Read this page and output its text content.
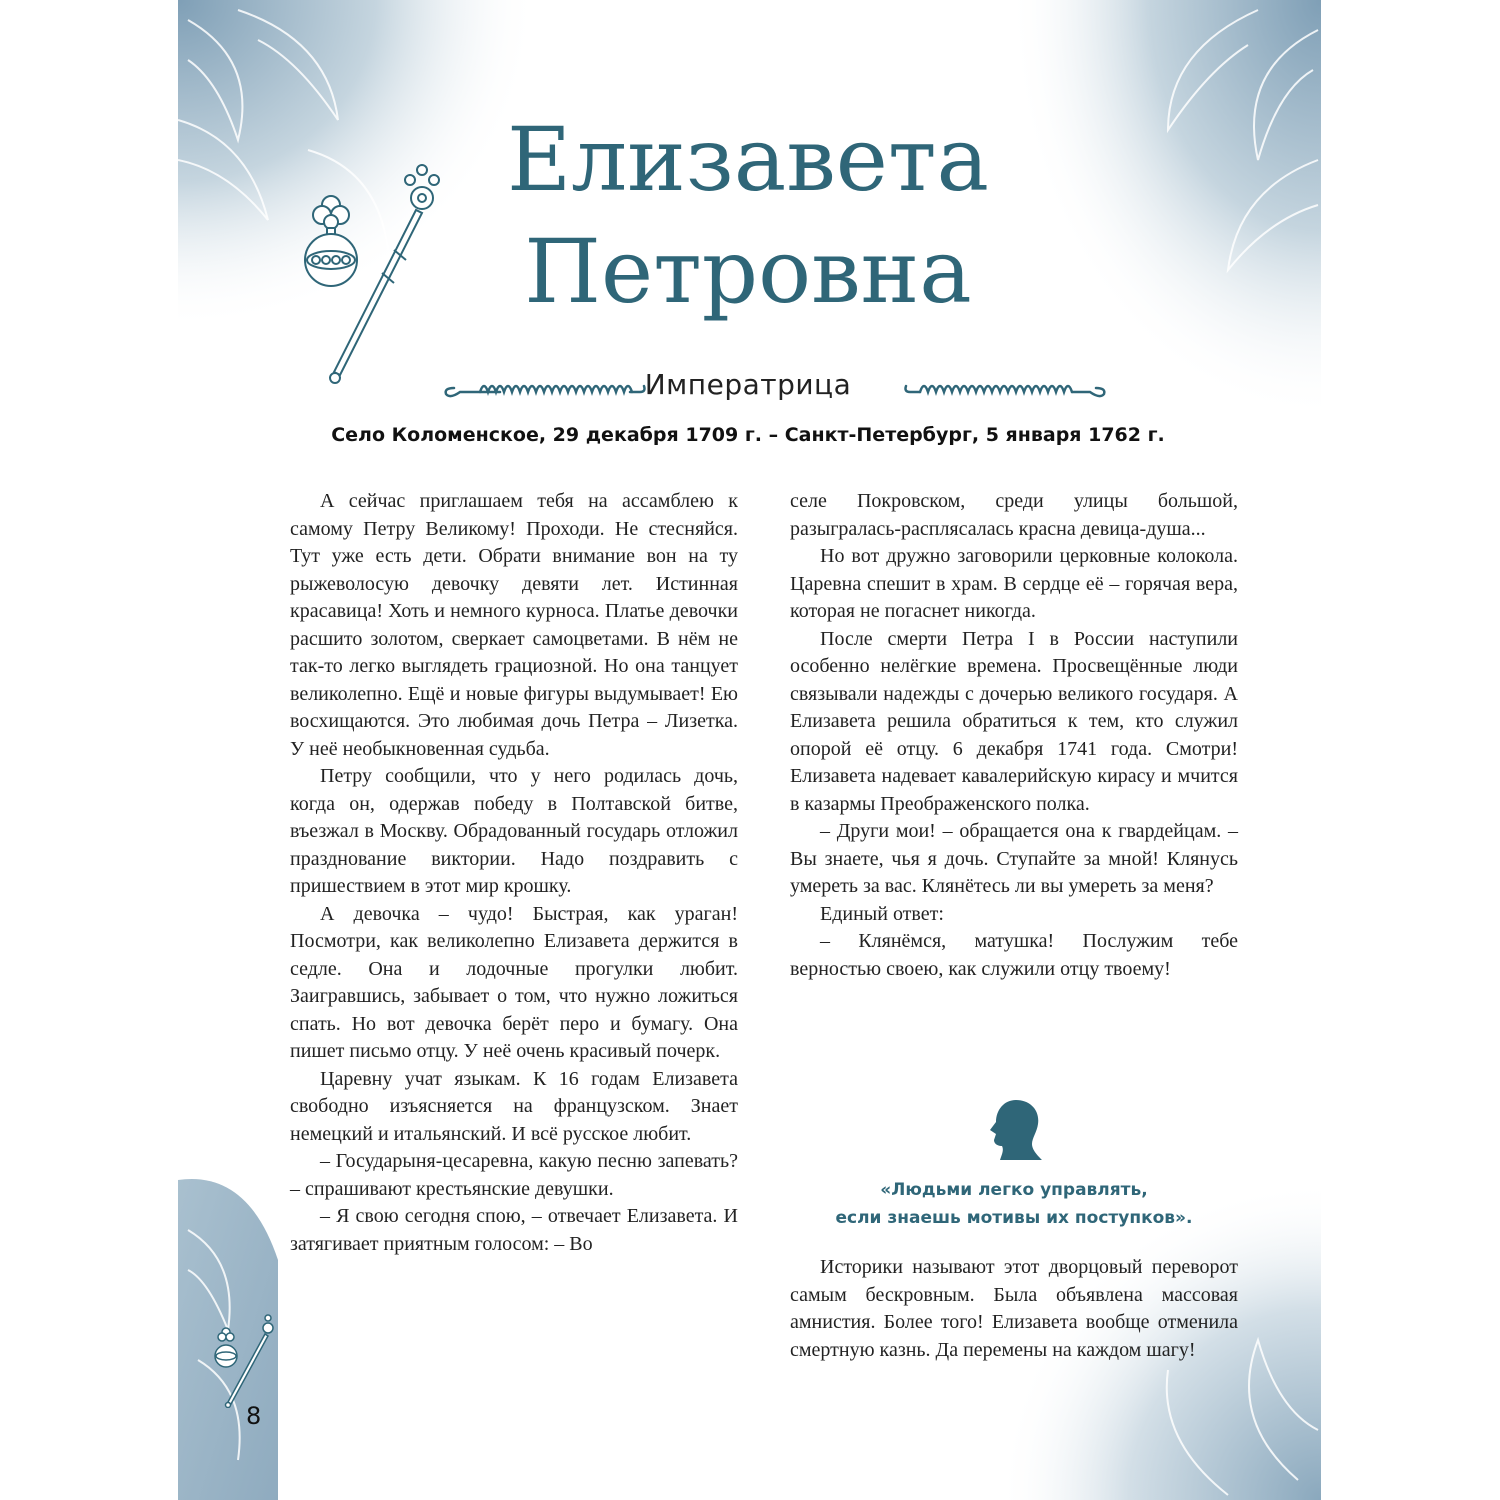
Елизавета
Петровна
Императрица
Село Коломенское, 29 декабря 1709 г. – Санкт-Петербург, 5 января 1762 г.

А сейчас приглашаем тебя на ассамблею к самому Петру Великому! Проходи. Не стесняйся. Тут уже есть дети. Обрати внимание вон на ту рыжеволосую девочку девяти лет. Истинная красавица! Хоть и немного курноса. Платье девочки расшито золотом, сверкает самоцветами. В нём не так-то легко выглядеть грациозной. Но она танцует великолепно. Ещё и новые фигуры выдумывает! Ею восхищаются. Это любимая дочь Петра – Лизетка. У неё необыкновенная судьба.

Петру сообщили, что у него родилась дочь, когда он, одержав победу в Полтавской битве, въезжал в Москву. Обрадованный государь отложил празднование виктории. Надо поздравить с пришествием в этот мир крошку.

А девочка – чудо! Быстрая, как ураган! Посмотри, как великолепно Елизавета держится в седле. Она и лодочные прогулки любит. Заигравшись, забывает о том, что нужно ложиться спать. Но вот девочка берёт перо и бумагу. Она пишет письмо отцу. У неё очень красивый почерк.

Царевну учат языкам. К 16 годам Елизавета свободно изъясняется на французском. Знает немецкий и итальянский. И всё русское любит.

– Государыня-цесаревна, какую песню запевать? – спрашивают крестьянские девушки.

– Я свою сегодня спою, – отвечает Елизавета. И затягивает приятным голосом: – Во

селе Покровском, среди улицы большой, разыгралась-расплясалась красна девица-душа...

Но вот дружно заговорили церковные колокола. Царевна спешит в храм. В сердце её – горячая вера, которая не погаснет никогда.

После смерти Петра I в России наступили особенно нелёгкие времена. Просвещённые люди связывали надежды с дочерью великого государя. А Елизавета решила обратиться к тем, кто служил опорой её отцу. 6 декабря 1741 года. Смотри! Елизавета надевает кавалерийскую кирасу и мчится в казармы Преображенского полка.

– Други мои! – обращается она к гвардейцам. – Вы знаете, чья я дочь. Ступайте за мной! Клянусь умереть за вас. Клянётесь ли вы умереть за меня?

Единый ответ:

– Клянёмся, матушка! Послужим тебе верностью своею, как служили отцу твоему!

«Людьми легко управлять,
если знаешь мотивы их поступков».

Историки называют этот дворцовый переворот самым бескровным. Была объявлена массовая амнистия. Более того! Елизавета вообще отменила смертную казнь. Да перемены на каждом шагу!

8
